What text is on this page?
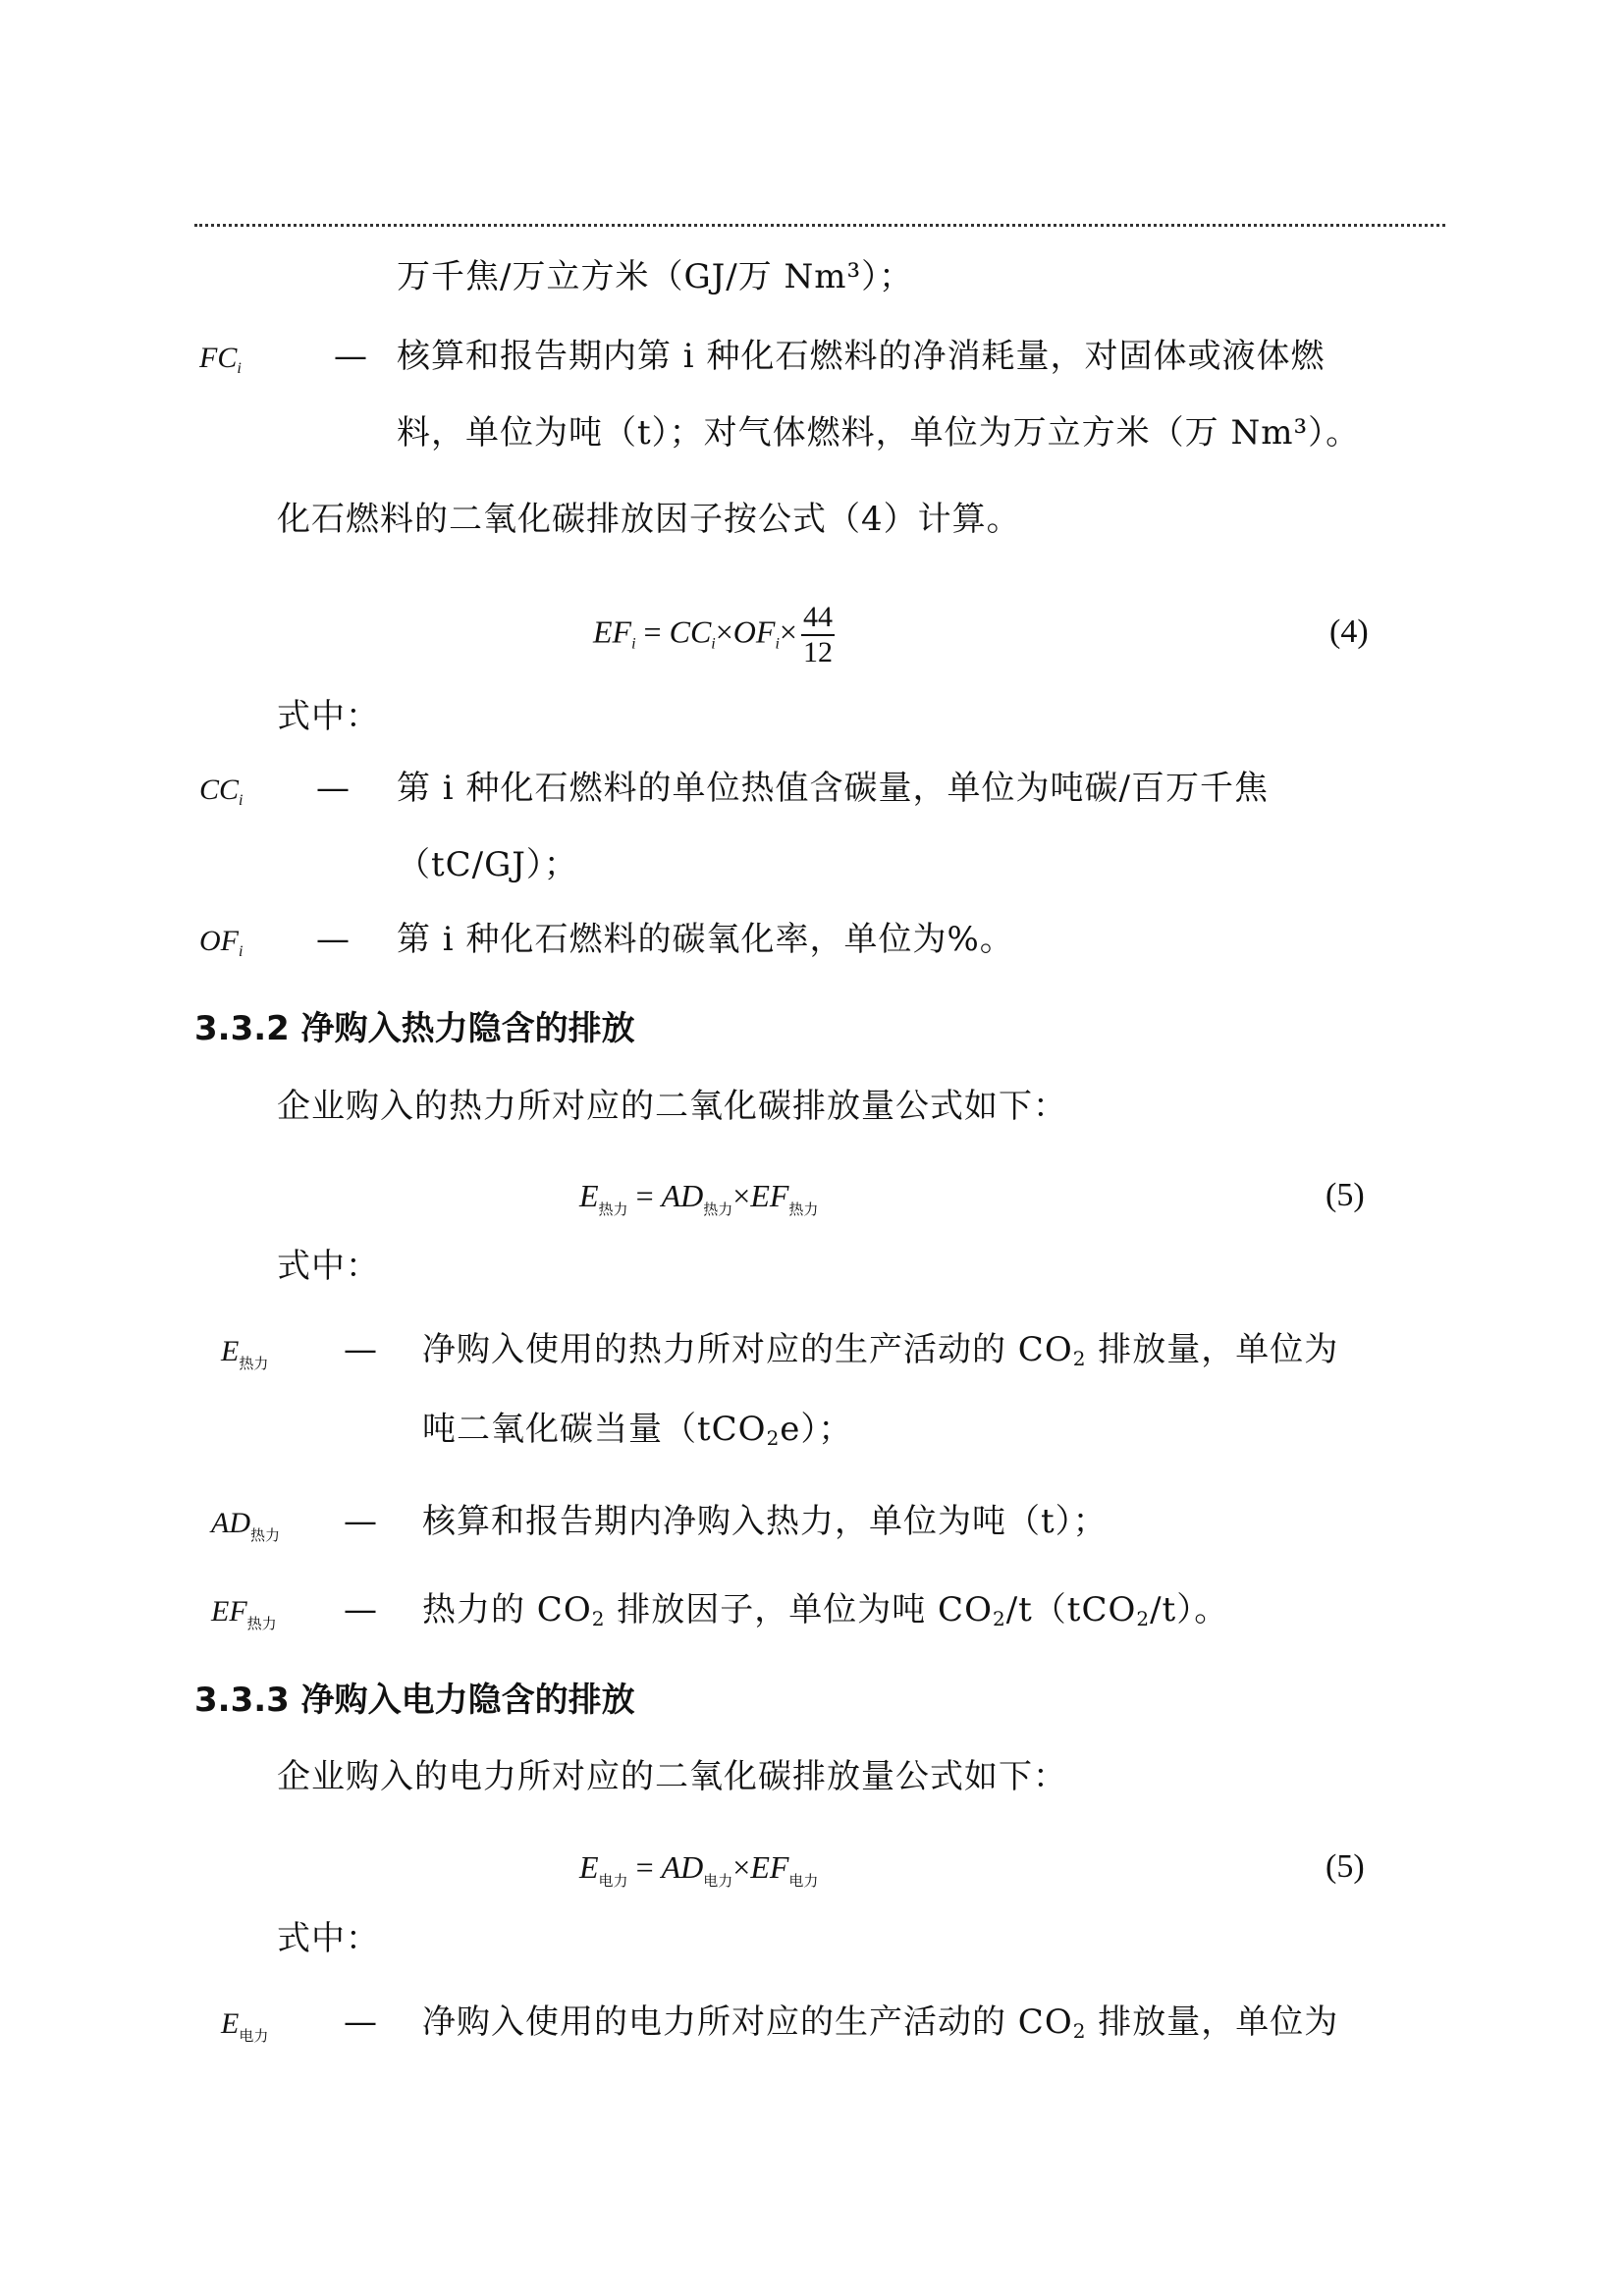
万千焦/万立方米（GJ/万 Nm³）；
$FC_i$	— 核算和报告期内第 i 种化石燃料的净消耗量，对固体或液体燃
料，单位为吨（t）；对气体燃料，单位为万立方米（万 Nm³）。
化石燃料的二氧化碳排放因子按公式（4）计算。
$EF_i = CC_i\times OF_i\times \frac{44}{12}$	(4)
式中：
$CC_i$ — 第 i 种化石燃料的单位热值含碳量，单位为吨碳/百万千焦
（tC/GJ）；
$OF_i$ — 第 i 种化石燃料的碳氧化率，单位为%。
3.3.2 净购入热力隐含的排放
企业购入的热力所对应的二氧化碳排放量公式如下：
$E_{热力} = AD_{热力}\times EF_{热力}$	(5)
式中：
$E_{热力}$ — 净购入使用的热力所对应的生产活动的 $CO_2$ 排放量，单位为
吨二氧化碳当量（tCO$_2$e）；
$AD_{热力}$ — 核算和报告期内净购入热力，单位为吨（t）；
$EF_{热力}$ — 热力的 $CO_2$ 排放因子，单位为吨 $CO_2/t(tCO_2/t)$。
3.3.3 净购入电力隐含的排放
企业购入的电力所对应的二氧化碳排放量公式如下：
$E_{电力} = AD_{电力}\times EF_{电力}$	(5)
式中：
$E_{电力}$ — 净购入使用的电力所对应的生产活动的 $CO_2$ 排放量，单位为
